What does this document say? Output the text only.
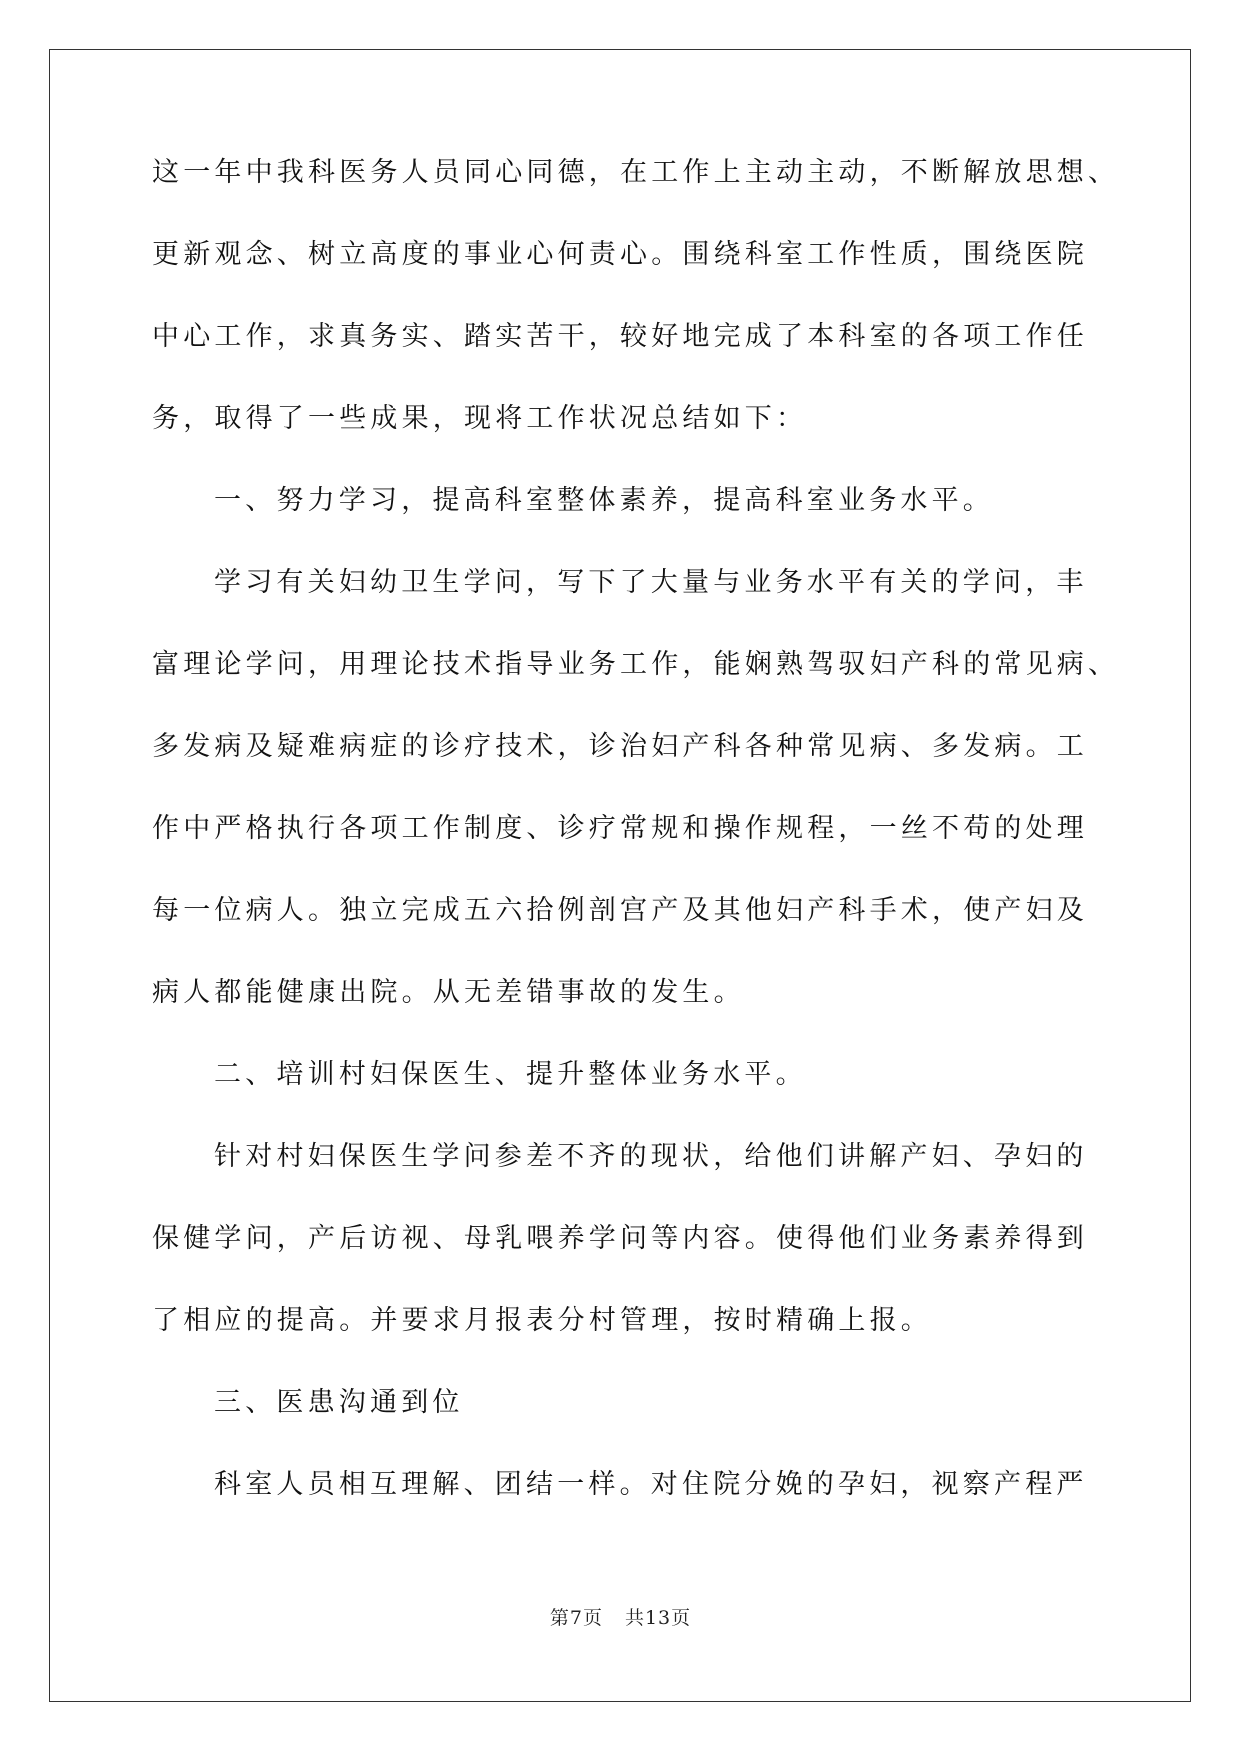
这一年中我科医务人员同心同德，在工作上主动主动，不断解放思想、
更新观念、树立高度的事业心何责心。围绕科室工作性质，围绕医院
中心工作，求真务实、踏实苦干，较好地完成了本科室的各项工作任
务，取得了一些成果，现将工作状况总结如下：
一、努力学习，提高科室整体素养，提高科室业务水平。
学习有关妇幼卫生学问，写下了大量与业务水平有关的学问，丰
富理论学问，用理论技术指导业务工作，能娴熟驾驭妇产科的常见病、
多发病及疑难病症的诊疗技术，诊治妇产科各种常见病、多发病。工
作中严格执行各项工作制度、诊疗常规和操作规程，一丝不苟的处理
每一位病人。独立完成五六拾例剖宫产及其他妇产科手术，使产妇及
病人都能健康出院。从无差错事故的发生。
二、培训村妇保医生、提升整体业务水平。
针对村妇保医生学问参差不齐的现状，给他们讲解产妇、孕妇的
保健学问，产后访视、母乳喂养学问等内容。使得他们业务素养得到
了相应的提高。并要求月报表分村管理，按时精确上报。
三、医患沟通到位
科室人员相互理解、团结一样。对住院分娩的孕妇，视察产程严
第7页 共13页
